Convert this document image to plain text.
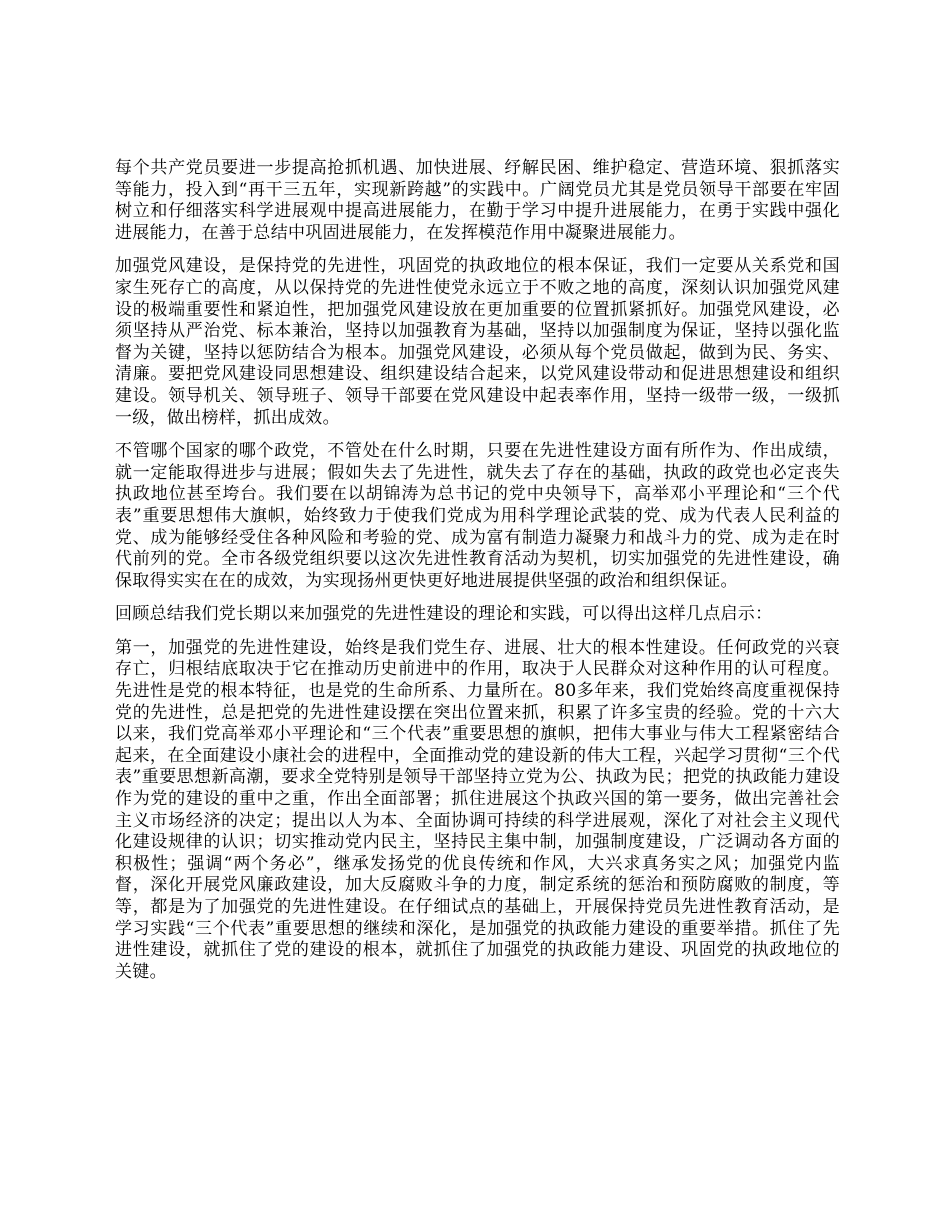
每个共产党员要进一步提高抢抓机遇、加快进展、纾解民困、维护稳定、营造环境、狠抓落实等能力，投入到“再干三五年，实现新跨越”的实践中。广阔党员尤其是党员领导干部要在牢固树立和仔细落实科学进展观中提高进展能力，在勤于学习中提升进展能力，在勇于实践中强化进展能力，在善于总结中巩固进展能力，在发挥模范作用中凝聚进展能力。

加强党风建设，是保持党的先进性，巩固党的执政地位的根本保证，我们一定要从关系党和国家生死存亡的高度，从以保持党的先进性使党永远立于不败之地的高度，深刻认识加强党风建设的极端重要性和紧迫性，把加强党风建设放在更加重要的位置抓紧抓好。加强党风建设，必须坚持从严治党、标本兼治，坚持以加强教育为基础，坚持以加强制度为保证，坚持以强化监督为关键，坚持以惩防结合为根本。加强党风建设，必须从每个党员做起，做到为民、务实、清廉。要把党风建设同思想建设、组织建设结合起来，以党风建设带动和促进思想建设和组织建设。领导机关、领导班子、领导干部要在党风建设中起表率作用，坚持一级带一级，一级抓一级，做出榜样，抓出成效。

不管哪个国家的哪个政党，不管处在什么时期，只要在先进性建设方面有所作为、作出成绩，就一定能取得进步与进展；假如失去了先进性，就失去了存在的基础，执政的政党也必定丧失执政地位甚至垮台。我们要在以胡锦涛为总书记的党中央领导下，高举邓小平理论和“三个代表”重要思想伟大旗帜，始终致力于使我们党成为用科学理论武装的党、成为代表人民利益的党、成为能够经受住各种风险和考验的党、成为富有制造力凝聚力和战斗力的党、成为走在时代前列的党。全市各级党组织要以这次先进性教育活动为契机，切实加强党的先进性建设，确保取得实实在在的成效，为实现扬州更快更好地进展提供坚强的政治和组织保证。

回顾总结我们党长期以来加强党的先进性建设的理论和实践，可以得出这样几点启示：

第一，加强党的先进性建设，始终是我们党生存、进展、壮大的根本性建设。任何政党的兴衰存亡，归根结底取决于它在推动历史前进中的作用，取决于人民群众对这种作用的认可程度。先进性是党的根本特征，也是党的生命所系、力量所在。80多年来，我们党始终高度重视保持党的先进性，总是把党的先进性建设摆在突出位置来抓，积累了许多宝贵的经验。党的十六大以来，我们党高举邓小平理论和“三个代表”重要思想的旗帜，把伟大事业与伟大工程紧密结合起来，在全面建设小康社会的进程中，全面推动党的建设新的伟大工程，兴起学习贯彻“三个代表”重要思想新高潮，要求全党特别是领导干部坚持立党为公、执政为民；把党的执政能力建设作为党的建设的重中之重，作出全面部署；抓住进展这个执政兴国的第一要务，做出完善社会主义市场经济的决定；提出以人为本、全面协调可持续的科学进展观，深化了对社会主义现代化建设规律的认识；切实推动党内民主，坚持民主集中制，加强制度建设，广泛调动各方面的积极性；强调“两个务必”，继承发扬党的优良传统和作风，大兴求真务实之风；加强党内监督，深化开展党风廉政建设，加大反腐败斗争的力度，制定系统的惩治和预防腐败的制度，等等，都是为了加强党的先进性建设。在仔细试点的基础上，开展保持党员先进性教育活动，是学习实践“三个代表”重要思想的继续和深化，是加强党的执政能力建设的重要举措。抓住了先进性建设，就抓住了党的建设的根本，就抓住了加强党的执政能力建设、巩固党的执政地位的关键。
